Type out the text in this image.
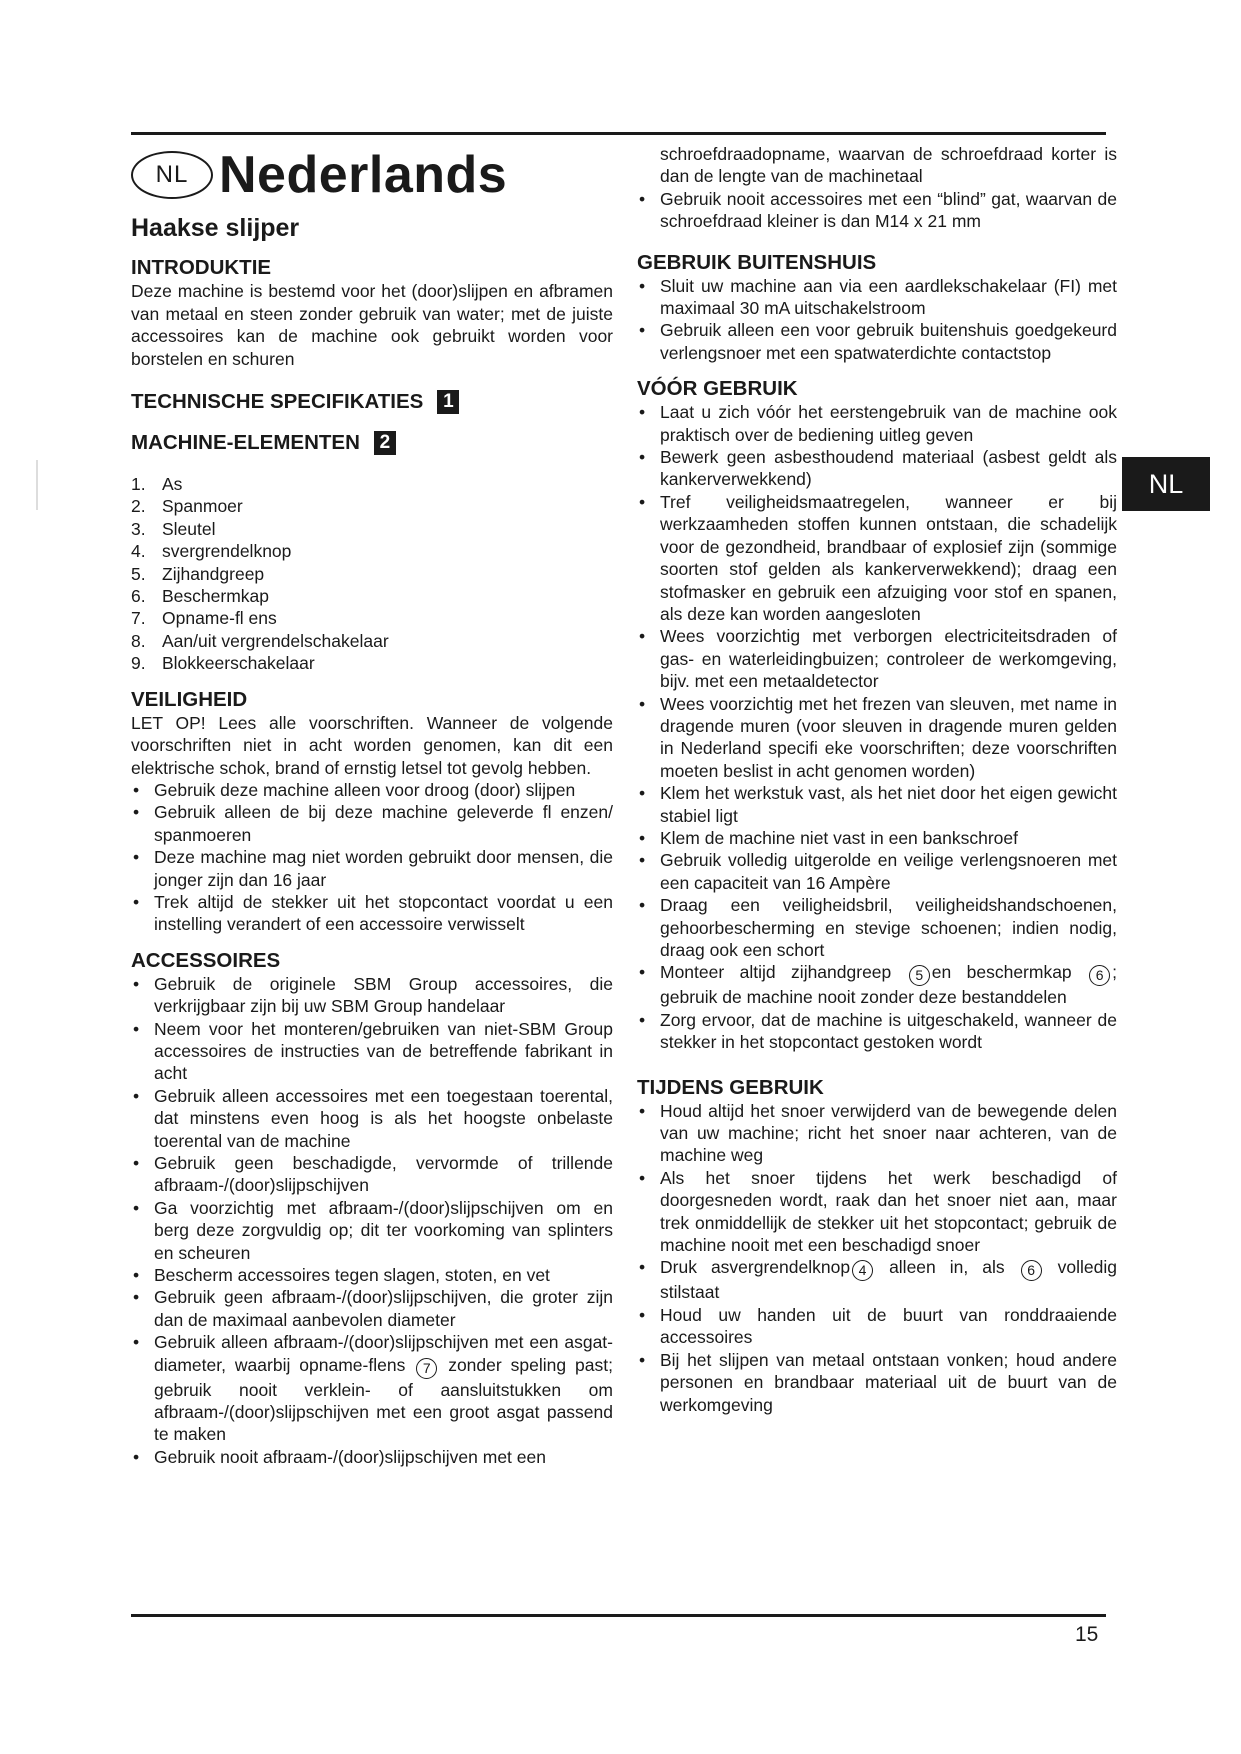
NL Nederlands
Haakse slijper
INTRODUKTIE

Deze machine is bestemd voor het (door)slijpen en afbramen van metaal en steen zonder gebruik van water; met de juiste accessoires kan de machine ook gebruikt worden voor borstelen en schuren

TECHNISCHE SPECIFIKATIES	1
MACHINE-ELEMENTEN	2
1. As
2. Spanmoer
3. Sleutel
4. svergrendelknop
5. Zijhandgreep
6. Beschermkap
7. Opname-fl ens
8. Aan/uit vergrendelschakelaar
9. Blokkeerschakelaar
VEILIGHEID

LET OP! Lees alle voorschriften. Wanneer de volgende voorschriften niet in acht worden genomen, kan dit een elektrische schok, brand of ernstig letsel tot gevolg hebben.

• Gebruik deze machine alleen voor droog (door) slijpen
• Gebruik alleen de bij deze machine geleverde fl enzen/ spanmoeren
• Deze machine mag niet worden gebruikt door mensen, die jonger zijn dan 16 jaar
• Trek altijd de stekker uit het stopcontact voordat u een instelling verandert of een accessoire verwisselt
ACCESSOIRES
• Gebruik de originele SBM Group accessoires, die verkrijgbaar zijn bij uw SBM Group handelaar
• Neem voor het monteren/gebruiken van niet-SBM Group accessoires de instructies van de betreffende fabrikant in acht
• Gebruik alleen accessoires met een toegestaan toerental, dat minstens even hoog is als het hoogste onbelaste toerental van de machine
• Gebruik geen beschadigde, vervormde of trillende afbraam-/(door)slijpschijven
• Ga voorzichtig met afbraam-/(door)slijpschijven om en berg deze zorgvuldig op; dit ter voorkoming van splinters en scheuren
• Bescherm accessoires tegen slagen, stoten, en vet
• Gebruik geen afbraam-/(door)slijpschijven, die groter zijn dan de maximaal aanbevolen diameter
• Gebruik alleen afbraam-/(door)slijpschijven met een asgat-diameter, waarbij opname-flens 7 zonder speling past; gebruik nooit verklein- of aansluitstukken om afbraam-/(door)slijpschijven met een groot asgat passend te maken
• Gebruik nooit afbraam-/(door)slijpschijven met een

schroefdraadopname, waarvan de schroefdraad korter is dan de lengte van de machinetaal

• Gebruik nooit accessoires met een “blind” gat, waarvan de schroefdraad kleiner is dan M14 x 21 mm
GEBRUIK BUITENSHUIS
• Sluit uw machine aan via een aardlekschakelaar (FI) met maximaal 30 mA uitschakelstroom
• Gebruik alleen een voor gebruik buitenshuis goedgekeurd verlengsnoer met een spatwaterdichte contactstop
VÓÓR GEBRUIK
• Laat u zich vóór het eerstengebruik van de machine ook praktisch over de bediening uitleg geven
• Bewerk geen asbesthoudend materiaal (asbest geldt als kankerverwekkend)
• Tref veiligheidsmaatregelen, wanneer er bij werkzaamheden stoffen kunnen ontstaan, die schadelijk voor de gezondheid, brandbaar of explosief zijn (sommige soorten stof gelden als kankerverwekkend); draag een stofmasker en gebruik een afzuiging voor stof en spanen, als deze kan worden aangesloten
• Wees voorzichtig met verborgen electriciteitsdraden of gas- en waterleidingbuizen; controleer de werkomgeving, bijv. met een metaaldetector
• Wees voorzichtig met het frezen van sleuven, met name in dragende muren (voor sleuven in dragende muren gelden in Nederland specifi eke voorschriften; deze voorschriften moeten beslist in acht genomen worden)
• Klem het werkstuk vast, als het niet door het eigen gewicht stabiel ligt
• Klem de machine niet vast in een bankschroef
• Gebruik volledig uitgerolde en veilige verlengsnoeren met een capaciteit van 16 Ampère
• Draag een veiligheidsbril, veiligheidshandschoenen, gehoorbescherming en stevige schoenen; indien nodig, draag ook een schort
• Monteer altijd zijhandgreep 5 en beschermkap 6 ; gebruik de machine nooit zonder deze bestanddelen
• Zorg ervoor, dat de machine is uitgeschakeld, wanneer de stekker in het stopcontact gestoken wordt
TIJDENS GEBRUIK
• Houd altijd het snoer verwijderd van de bewegende delen van uw machine; richt het snoer naar achteren, van de machine weg
• Als het snoer tijdens het werk beschadigd of doorgesneden wordt, raak dan het snoer niet aan, maar trek onmiddellijk de stekker uit het stopcontact; gebruik de machine nooit met een beschadigd snoer
• Druk asvergrendelknop 4 alleen in, als 6 volledig stilstaat
• Houd uw handen uit de buurt van ronddraaiende accessoires
• Bij het slijpen van metaal ontstaan vonken; houd andere personen en brandbaar materiaal uit de buurt van de werkomgeving
NL
15
